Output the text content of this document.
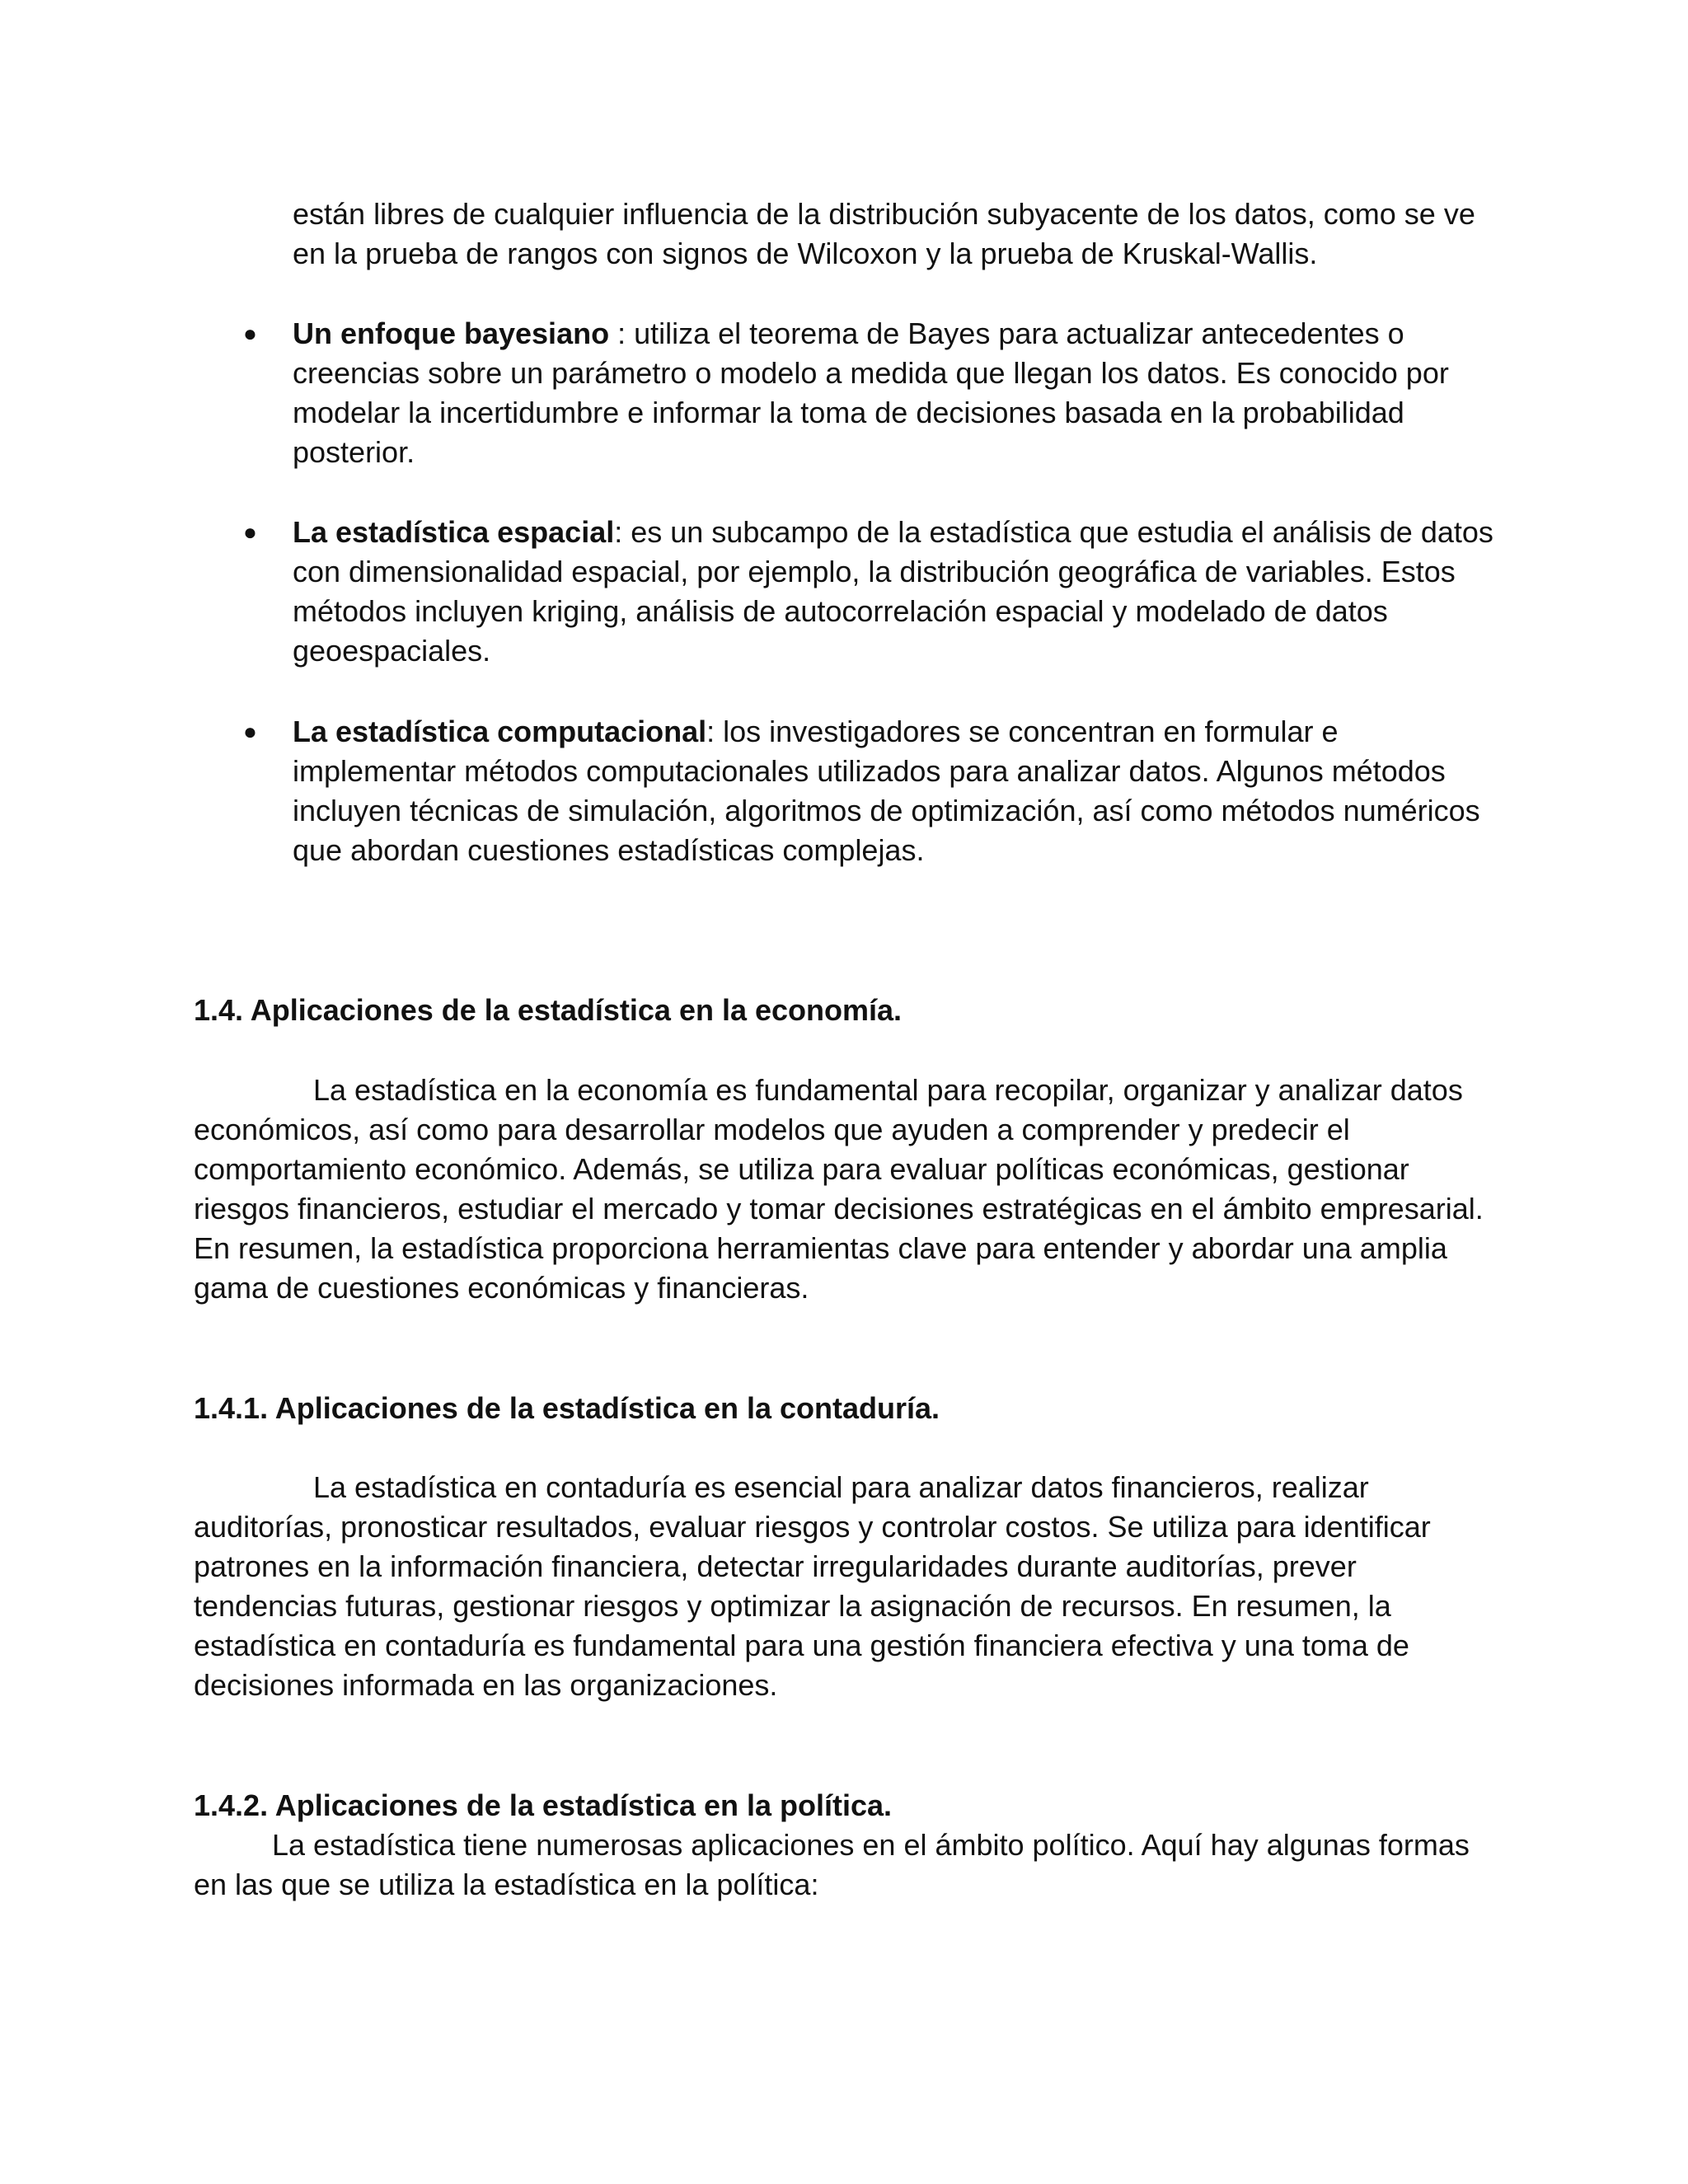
están libres de cualquier influencia de la distribución subyacente de los datos, como se ve en la prueba de rangos con signos de Wilcoxon y la prueba de Kruskal-Wallis.

● Un enfoque bayesiano : utiliza el teorema de Bayes para actualizar antecedentes o creencias sobre un parámetro o modelo a medida que llegan los datos. Es conocido por modelar la incertidumbre e informar la toma de decisiones basada en la probabilidad posterior.

● La estadística espacial: es un subcampo de la estadística que estudia el análisis de datos con dimensionalidad espacial, por ejemplo, la distribución geográfica de variables. Estos métodos incluyen kriging, análisis de autocorrelación espacial y modelado de datos geoespaciales.

● La estadística computacional: los investigadores se concentran en formular e implementar métodos computacionales utilizados para analizar datos. Algunos métodos incluyen técnicas de simulación, algoritmos de optimización, así como métodos numéricos que abordan cuestiones estadísticas complejas.

1.4. Aplicaciones de la estadística en la economía.

La estadística en la economía es fundamental para recopilar, organizar y analizar datos económicos, así como para desarrollar modelos que ayuden a comprender y predecir el comportamiento económico. Además, se utiliza para evaluar políticas económicas, gestionar riesgos financieros, estudiar el mercado y tomar decisiones estratégicas en el ámbito empresarial. En resumen, la estadística proporciona herramientas clave para entender y abordar una amplia gama de cuestiones económicas y financieras.

1.4.1. Aplicaciones de la estadística en la contaduría.

La estadística en contaduría es esencial para analizar datos financieros, realizar auditorías, pronosticar resultados, evaluar riesgos y controlar costos. Se utiliza para identificar patrones en la información financiera, detectar irregularidades durante auditorías, prever tendencias futuras, gestionar riesgos y optimizar la asignación de recursos. En resumen, la estadística en contaduría es fundamental para una gestión financiera efectiva y una toma de decisiones informada en las organizaciones.

1.4.2. Aplicaciones de la estadística en la política.

La estadística tiene numerosas aplicaciones en el ámbito político. Aquí hay algunas formas en las que se utiliza la estadística en la política:
